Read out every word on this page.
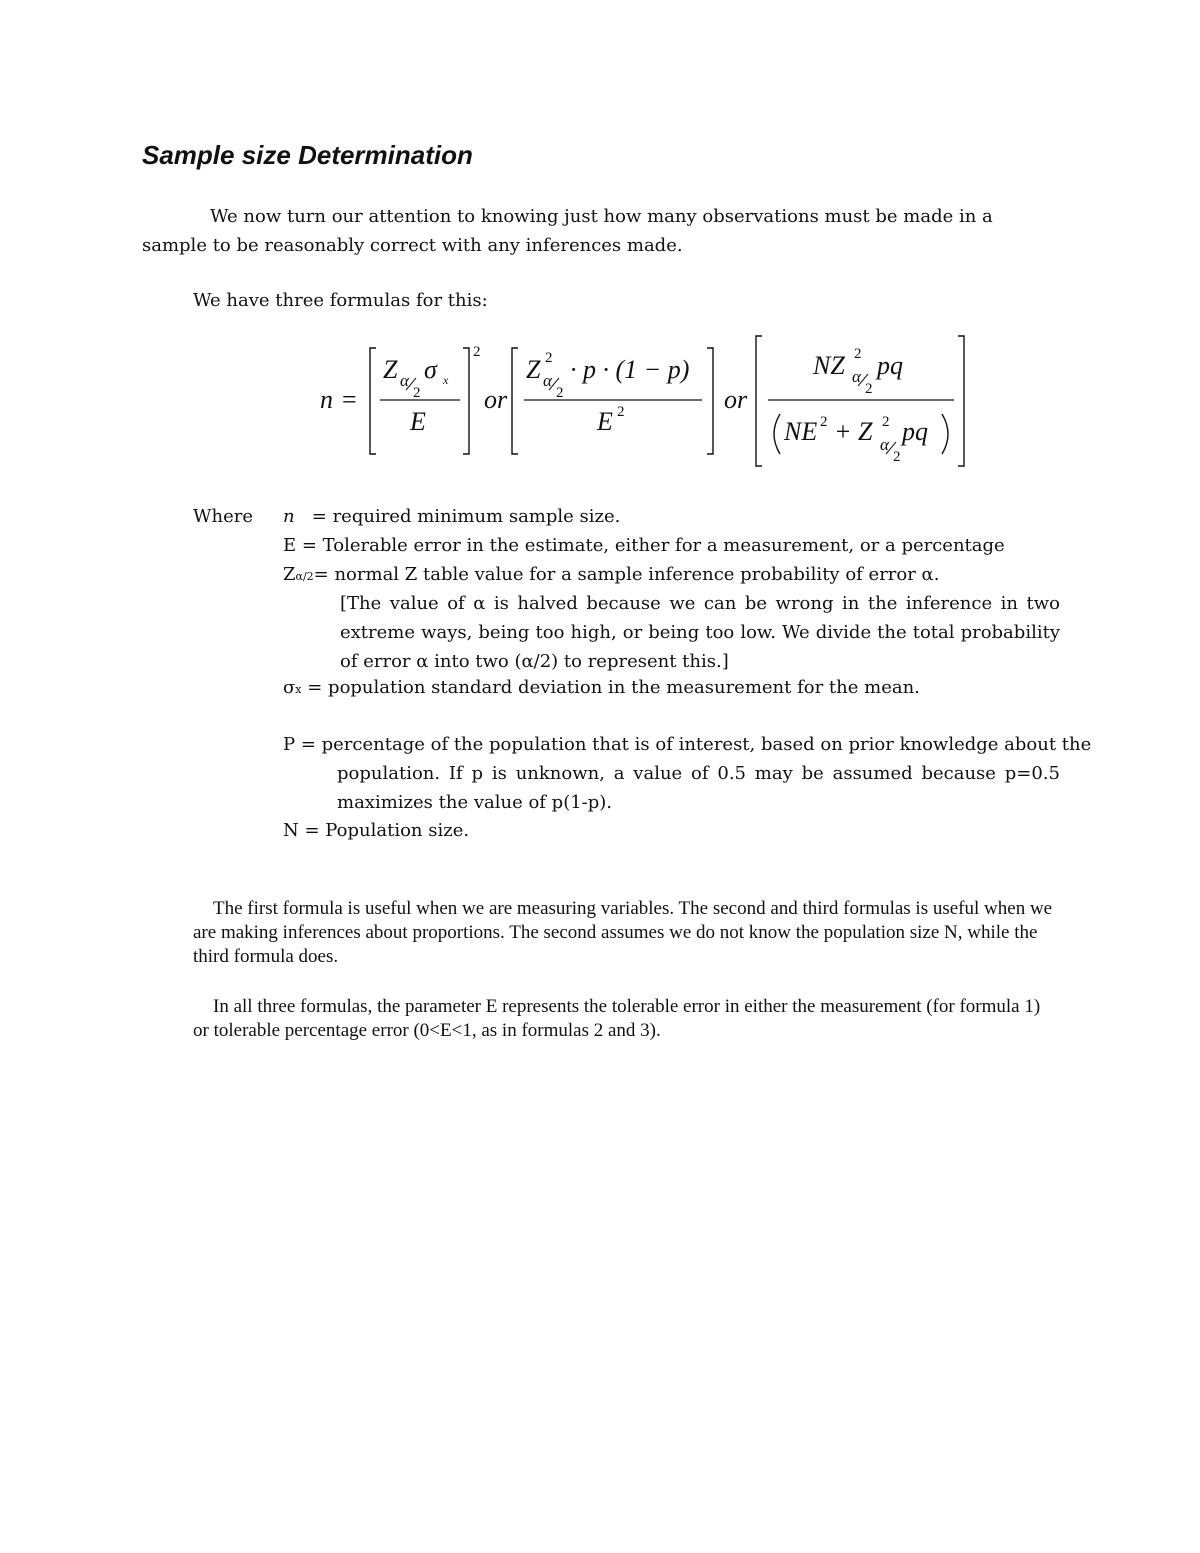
Sample size Determination

We now turn our attention to knowing just how many observations must be made in a

sample to be reasonably correct with any inferences made.

We have three formulas for this:

n =
Z α
2
σ x
E
2
or
Z 2
α
2
· p · (1 − p)
E 2	or
NZ 2
α
2
pq
NE 2 + Z 2
α
2
pq

Where n = required minimum sample size.

E = Tolerable error in the estimate, either for a measurement, or a percentage

Zα/2= normal Z table value for a sample inference probability of error α.

[The value of α is halved because we can be wrong in the inference in two extreme ways, being too high, or being too low. We divide the total probability of error α into two (α/2) to represent this.]

σx = population standard deviation in the measurement for the mean.

P = percentage of the population that is of interest, based on prior knowledge about the

population. If p is unknown, a value of 0.5 may be assumed because p=0.5 maximizes the value of p(1-p).

N = Population size.

The first formula is useful when we are measuring variables. The second and third formulas is useful when we are making inferences about proportions. The second assumes we do not know the population size N, while the third formula does.

In all three formulas, the parameter E represents the tolerable error in either the measurement (for formula 1) or tolerable percentage error (0<E<1, as in formulas 2 and 3).
